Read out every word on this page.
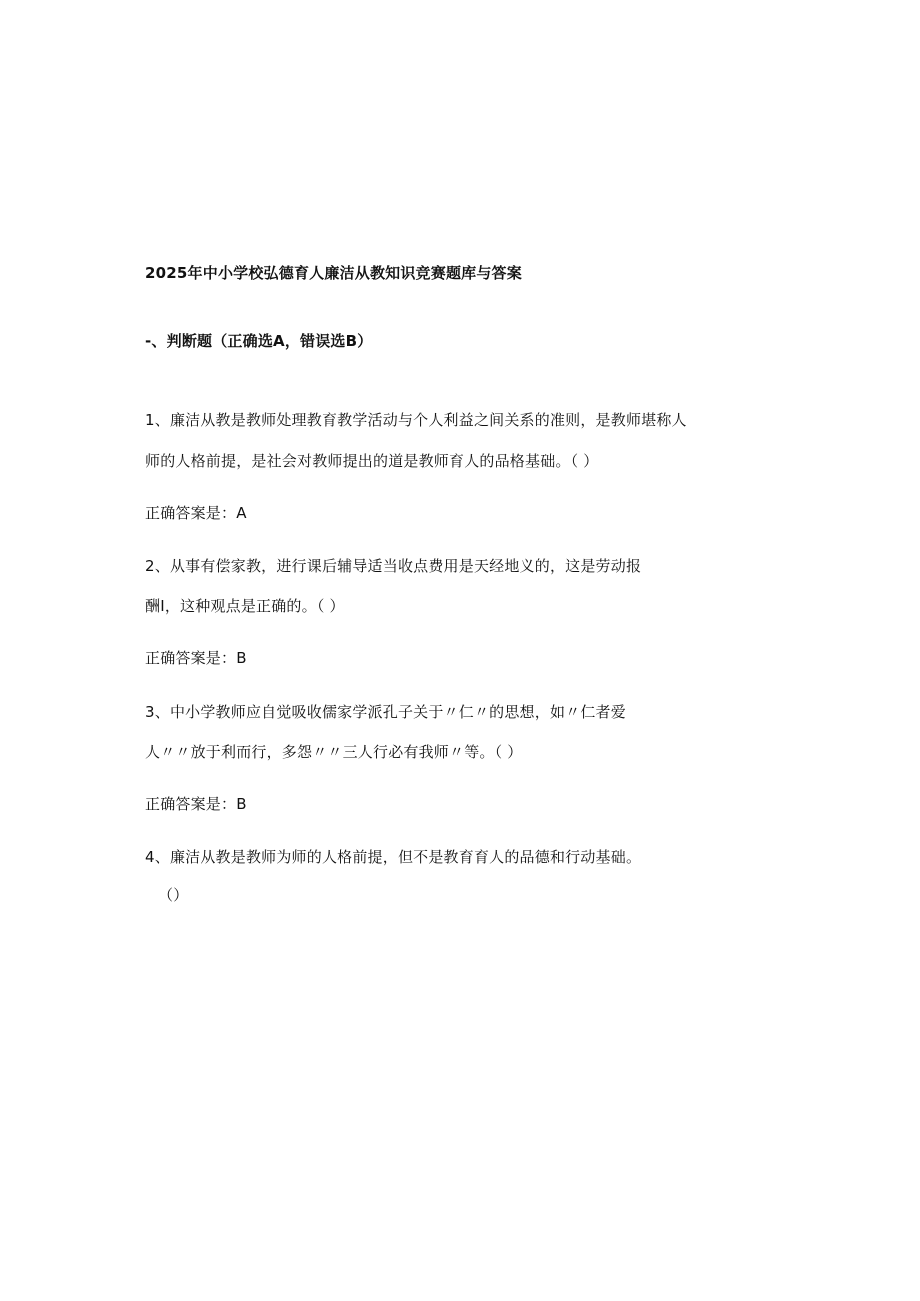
2025年中小学校弘德育人廉洁从教知识竞赛题库与答案
-、判断题（正确选A，错误选B）
1、廉洁从教是教师处理教育教学活动与个人利益之间关系的准则，是教师堪称人
师的人格前提，是社会对教师提出的道是教师育人的品格基础。（ ）
正确答案是：A
2、从事有偿家教，进行课后辅导适当收点费用是天经地义的，这是劳动报
酬I，这种观点是正确的。（ ）
正确答案是：B
3、中小学教师应自觉吸收儒家学派孔子关于〃仁〃的思想，如〃仁者爱
人〃〃放于利而行，多怨〃〃三人行必有我师〃等。（ ）
正确答案是：B
4、廉洁从教是教师为师的人格前提，但不是教育育人的品德和行动基础。
（）
